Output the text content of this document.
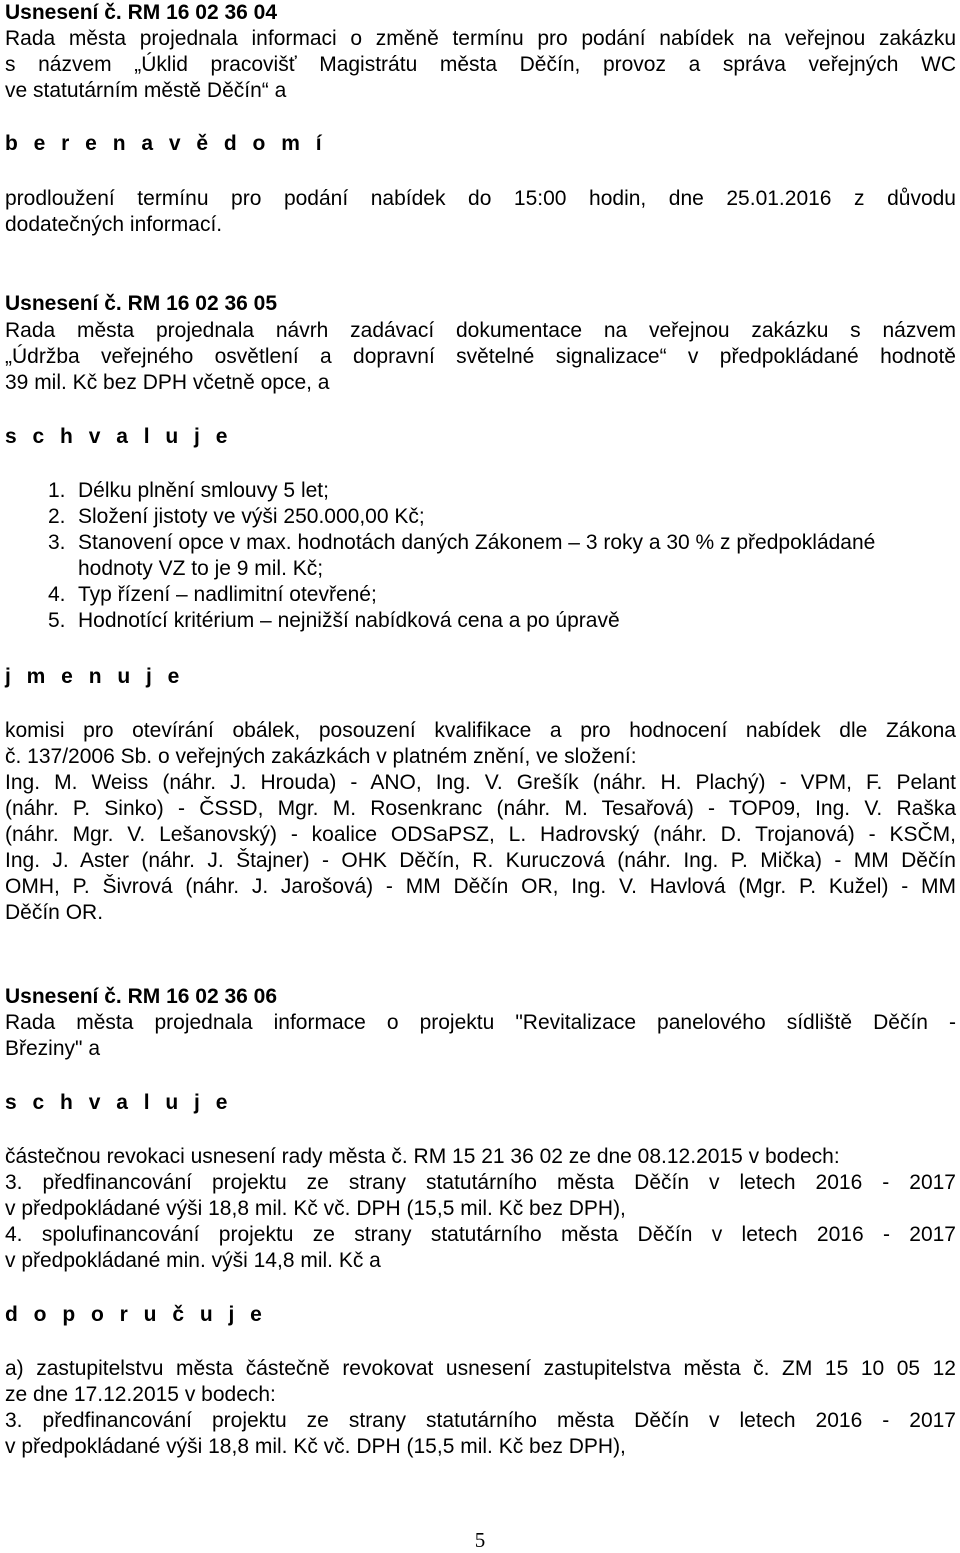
Usnesení č. RM 16 02 36 04
Rada města projednala informaci o změně termínu pro podání nabídek na veřejnou zakázku
s názvem „Úklid pracovišť Magistrátu města Děčín, provoz a správa veřejných WC
ve statutárním městě Děčín“ a
b e r e n a v ě d o m í
prodloužení termínu pro podání nabídek do 15:00 hodin, dne 25.01.2016 z důvodu
dodatečných informací.
Usnesení č. RM 16 02 36 05
Rada města projednala návrh zadávací dokumentace na veřejnou zakázku s názvem
„Údržba veřejného osvětlení a dopravní světelné signalizace“ v předpokládané hodnotě
39 mil. Kč bez DPH včetně opce, a
s c h v a l u j e
1. Délku plnění smlouvy 5 let;
2. Složení jistoty ve výši 250.000,00 Kč;
3. Stanovení opce v max. hodnotách daných Zákonem – 3 roky a 30 % z předpokládané
hodnoty VZ to je 9 mil. Kč;
4. Typ řízení – nadlimitní otevřené;
5. Hodnotící kritérium – nejnižší nabídková cena a po úpravě
j m e n u j e
komisi pro otevírání obálek, posouzení kvalifikace a pro hodnocení nabídek dle Zákona
č. 137/2006 Sb. o veřejných zakázkách v platném znění, ve složení:
Ing. M. Weiss (náhr. J. Hrouda) - ANO, Ing. V. Grešík (náhr. H. Plachý) - VPM, F. Pelant
(náhr. P. Sinko) - ČSSD, Mgr. M. Rosenkranc (náhr. M. Tesařová) - TOP09, Ing. V. Raška
(náhr. Mgr. V. Lešanovský) - koalice ODSaPSZ, L. Hadrovský (náhr. D. Trojanová) - KSČM,
Ing. J. Aster (náhr. J. Štajner) - OHK Děčín, R. Kuruczová (náhr. Ing. P. Mička) - MM Děčín
OMH, P. Šivrová (náhr. J. Jarošová) - MM Děčín OR, Ing. V. Havlová (Mgr. P. Kužel) - MM
Děčín OR.
Usnesení č. RM 16 02 36 06
Rada města projednala informace o projektu "Revitalizace panelového sídliště Děčín -
Březiny" a
s c h v a l u j e
částečnou revokaci usnesení rady města č. RM 15 21 36 02 ze dne 08.12.2015 v bodech:
3. předfinancování projektu ze strany statutárního města Děčín v letech 2016 - 2017
v předpokládané výši 18,8 mil. Kč vč. DPH (15,5 mil. Kč bez DPH),
4. spolufinancování projektu ze strany statutárního města Děčín v letech 2016 - 2017
v předpokládané min. výši 14,8 mil. Kč a
d o p o r u č u j e
a) zastupitelstvu města částečně revokovat usnesení zastupitelstva města č. ZM 15 10 05 12
ze dne 17.12.2015 v bodech:
3. předfinancování projektu ze strany statutárního města Děčín v letech 2016 - 2017
v předpokládané výši 18,8 mil. Kč vč. DPH (15,5 mil. Kč bez DPH),
5
